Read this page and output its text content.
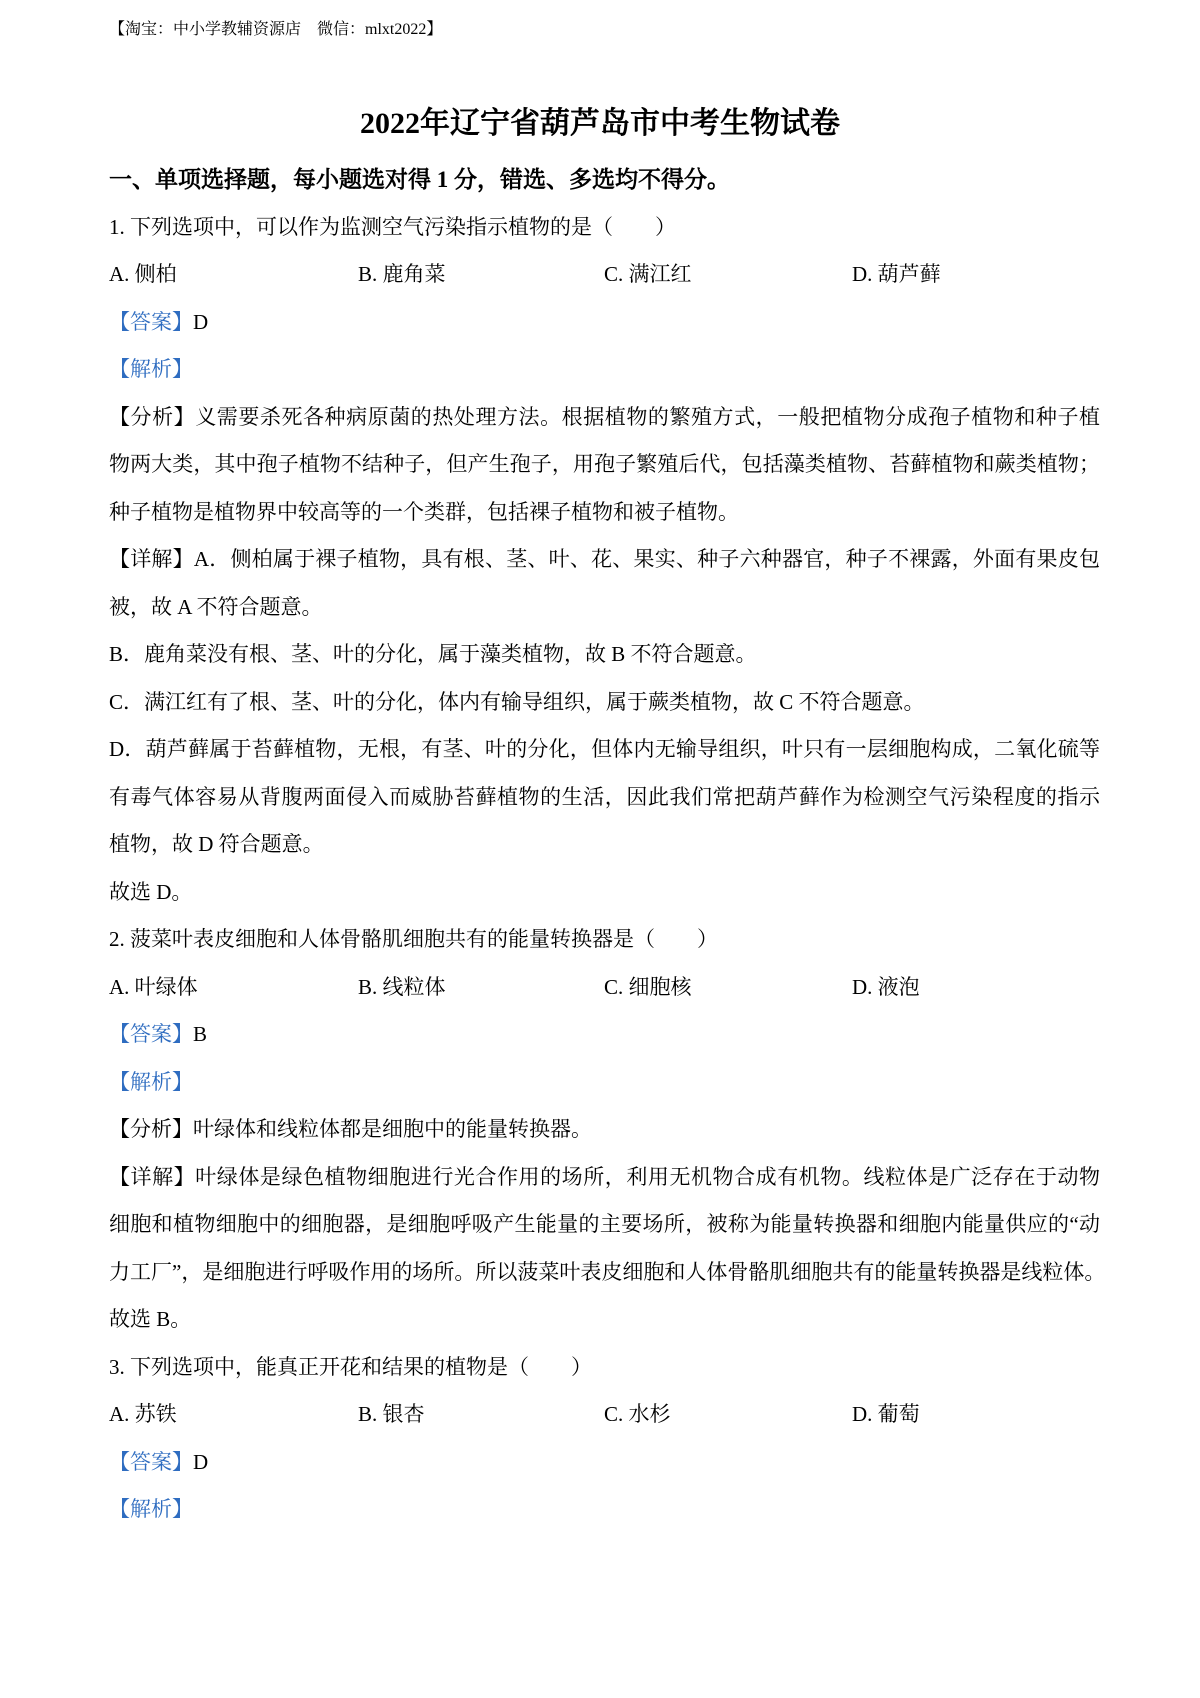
【淘宝：中小学教辅资源店　微信：mlxt2022】
2022年辽宁省葫芦岛市中考生物试卷
一、单项选择题，每小题选对得 1 分，错选、多选均不得分。
1. 下列选项中，可以作为监测空气污染指示植物的是（　　）
A. 侧柏	B. 鹿角菜	C. 满江红	D. 葫芦藓
【答案】D
【解析】
【分析】义需要杀死各种病原菌的热处理方法。根据植物的繁殖方式，一般把植物分成孢子植物和种子植
物两大类，其中孢子植物不结种子，但产生孢子，用孢子繁殖后代，包括藻类植物、苔藓植物和蕨类植物；
种子植物是植物界中较高等的一个类群，包括裸子植物和被子植物。
【详解】A．侧柏属于裸子植物，具有根、茎、叶、花、果实、种子六种器官，种子不裸露，外面有果皮包
被，故 A 不符合题意。
B．鹿角菜没有根、茎、叶的分化，属于藻类植物，故 B 不符合题意。
C．满江红有了根、茎、叶的分化，体内有输导组织，属于蕨类植物，故 C 不符合题意。
D．葫芦藓属于苔藓植物，无根，有茎、叶的分化，但体内无输导组织，叶只有一层细胞构成，二氧化硫等
有毒气体容易从背腹两面侵入而威胁苔藓植物的生活，因此我们常把葫芦藓作为检测空气污染程度的指示
植物，故 D 符合题意。
故选 D。
2. 菠菜叶表皮细胞和人体骨骼肌细胞共有的能量转换器是（　　）
A. 叶绿体	B. 线粒体	C. 细胞核	D. 液泡
【答案】B
【解析】
【分析】叶绿体和线粒体都是细胞中的能量转换器。
【详解】叶绿体是绿色植物细胞进行光合作用的场所，利用无机物合成有机物。线粒体是广泛存在于动物
细胞和植物细胞中的细胞器，是细胞呼吸产生能量的主要场所，被称为能量转换器和细胞内能量供应的“动
力工厂”，是细胞进行呼吸作用的场所。所以菠菜叶表皮细胞和人体骨骼肌细胞共有的能量转换器是线粒体。
故选 B。
3. 下列选项中，能真正开花和结果的植物是（　　）
A. 苏铁	B. 银杏	C. 水杉	D. 葡萄
【答案】D
【解析】
